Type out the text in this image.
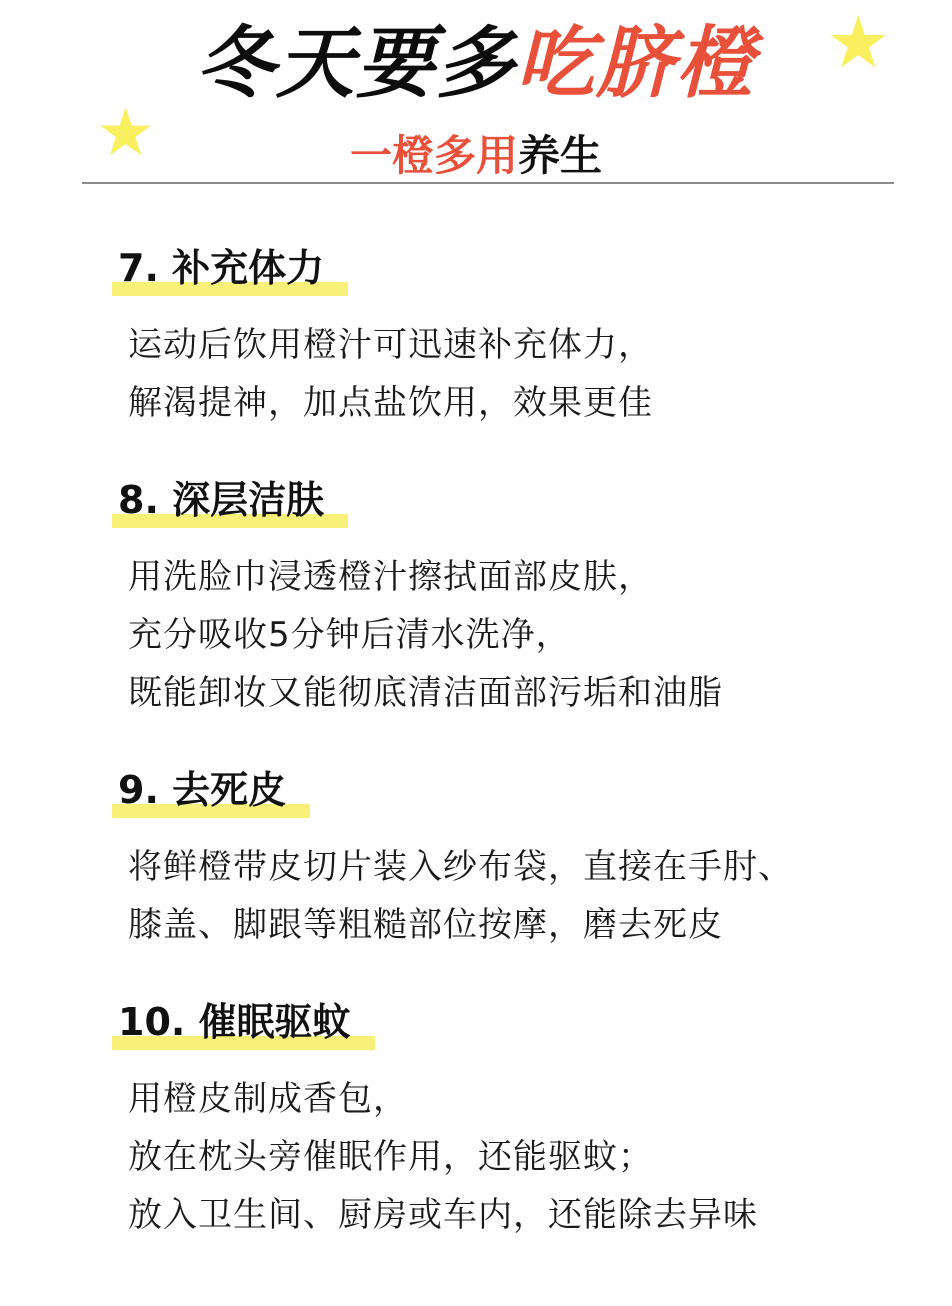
★
★
冬天要多吃脐橙
一橙多用养生
7. 补充体力
运动后饮用橙汁可迅速补充体力，
解渴提神，加点盐饮用，效果更佳
8. 深层洁肤
用洗脸巾浸透橙汁擦拭面部皮肤，
充分吸收5分钟后清水洗净，
既能卸妆又能彻底清洁面部污垢和油脂
9. 去死皮
将鲜橙带皮切片装入纱布袋，直接在手肘、
膝盖、脚跟等粗糙部位按摩，磨去死皮
10. 催眠驱蚊
用橙皮制成香包，
放在枕头旁催眠作用，还能驱蚊；
放入卫生间、厨房或车内，还能除去异味
